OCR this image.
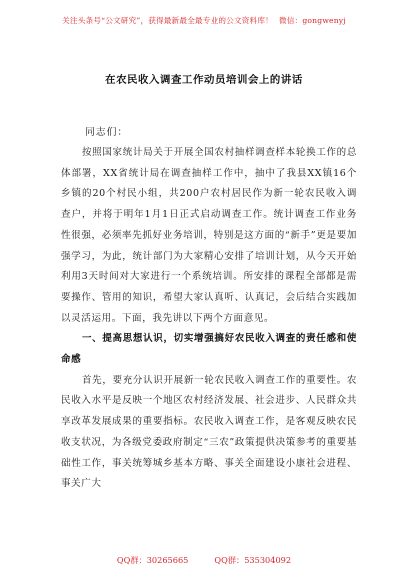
关注头条号“公文研究”，获得最新最全最专业的公文资料库！ 微信：gongwenyj
在农民收入调查工作动员培训会上的讲话
同志们：

按照国家统计局关于开展全国农村抽样调查样本轮换工作的总体部署，XX省统计局在调查抽样工作中，抽中了我县XX镇16个乡镇的20个村民小组，共200户农村居民作为新一轮农民收入调查户，并将于明年1月1日正式启动调查工作。统计调查工作业务性很强，必须率先抓好业务培训，特别是这方面的“新手”更是要加强学习，为此，统计部门为大家精心安排了培训计划，从今天开始利用3天时间对大家进行一个系统培训。所安排的课程全部都是需要操作、管用的知识，希望大家认真听、认真记，会后结合实践加以灵活运用。下面，我先讲以下两个方面意见。

一、提高思想认识，切实增强搞好农民收入调查的责任感和使命感

首先，要充分认识开展新一轮农民收入调查工作的重要性。农民收入水平是反映一个地区农村经济发展、社会进步、人民群众共享改革发展成果的重要指标。农民收入调查工作，是客观反映农民收支状况，为各级党委政府制定“三农”政策提供决策参考的重要基础性工作，事关统筹城乡基本方略、事关全面建设小康社会进程、事关广大

QQ群：30265665	QQ群：535304092
